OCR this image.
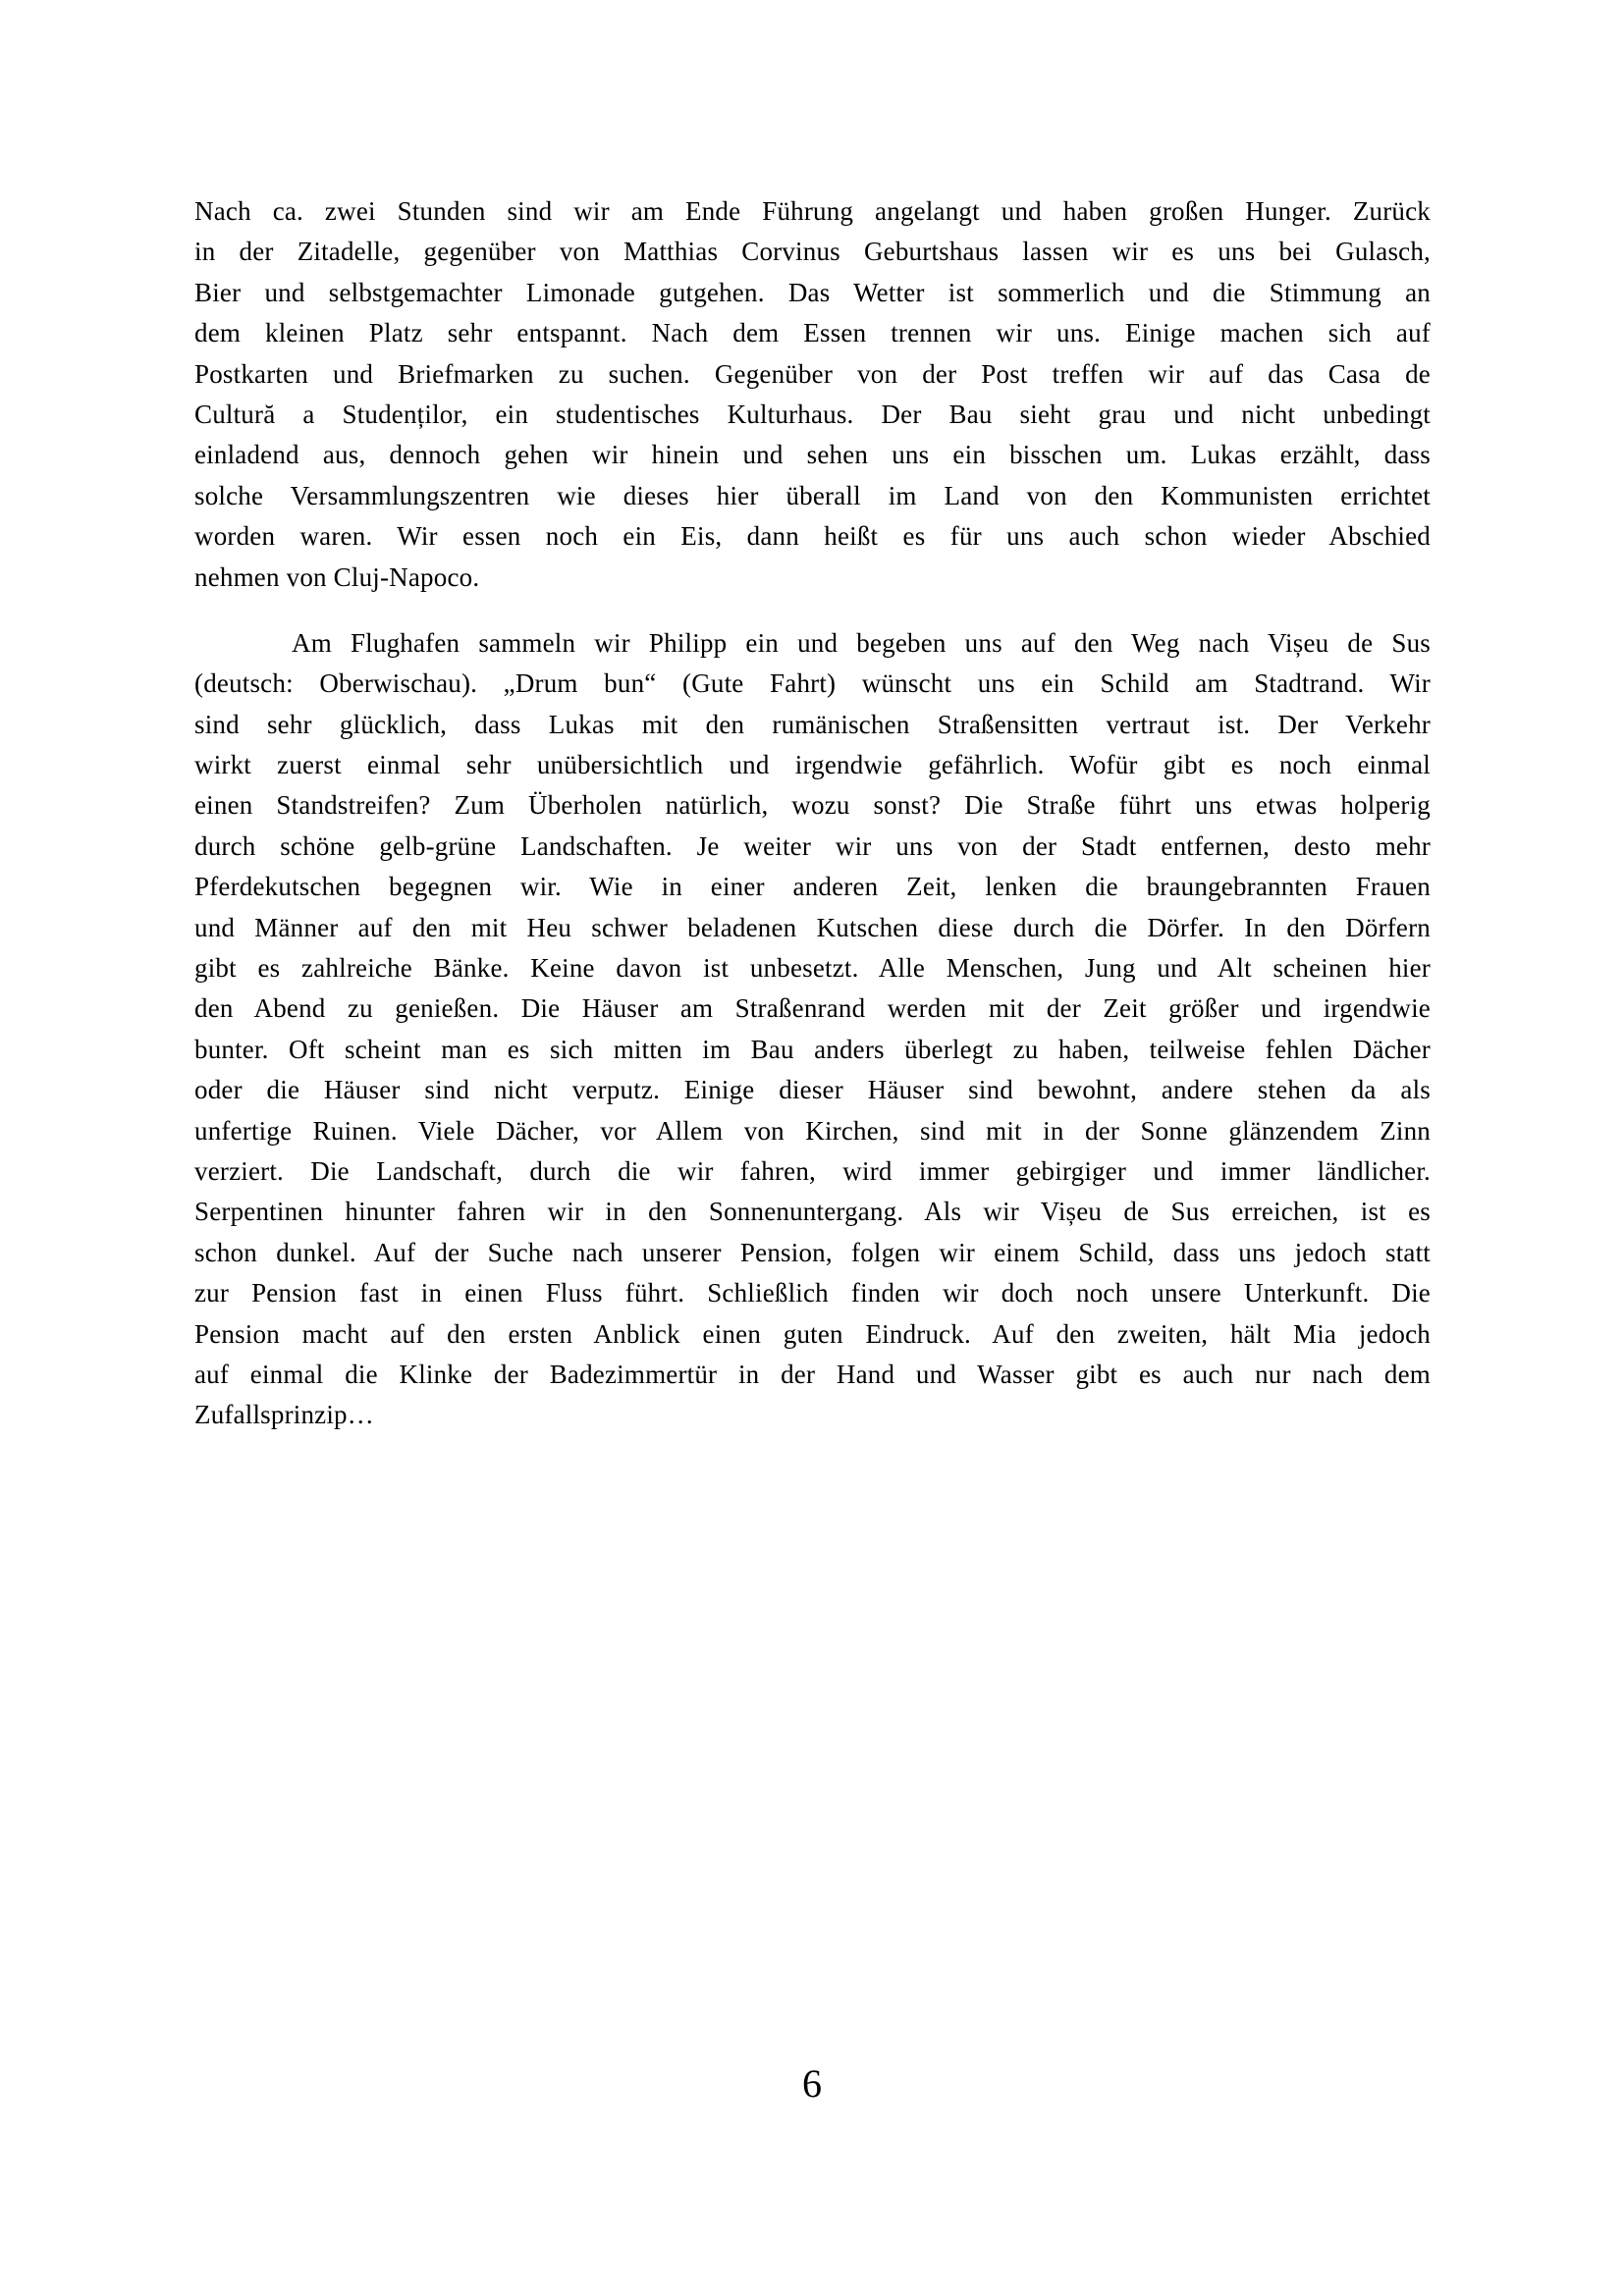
Nach ca. zwei Stunden sind wir am Ende Führung angelangt und haben großen Hunger. Zurück
in der Zitadelle, gegenüber von Matthias Corvinus Geburtshaus lassen wir es uns bei Gulasch,
Bier und selbstgemachter Limonade gutgehen. Das Wetter ist sommerlich und die Stimmung an
dem kleinen Platz sehr entspannt. Nach dem Essen trennen wir uns. Einige machen sich auf
Postkarten und Briefmarken zu suchen. Gegenüber von der Post treffen wir auf das Casa de
Cultură a Studenților, ein studentisches Kulturhaus. Der Bau sieht grau und nicht unbedingt
einladend aus, dennoch gehen wir hinein und sehen uns ein bisschen um. Lukas erzählt, dass
solche Versammlungszentren wie dieses hier überall im Land von den Kommunisten errichtet
worden waren. Wir essen noch ein Eis, dann heißt es für uns auch schon wieder Abschied
nehmen von Cluj-Napoco.
Am Flughafen sammeln wir Philipp ein und begeben uns auf den Weg nach Vișeu de Sus
(deutsch: Oberwischau). „Drum bun“ (Gute Fahrt) wünscht uns ein Schild am Stadtrand. Wir
sind sehr glücklich, dass Lukas mit den rumänischen Straßensitten vertraut ist. Der Verkehr
wirkt zuerst einmal sehr unübersichtlich und irgendwie gefährlich. Wofür gibt es noch einmal
einen Standstreifen? Zum Überholen natürlich, wozu sonst? Die Straße führt uns etwas holperig
durch schöne gelb-grüne Landschaften. Je weiter wir uns von der Stadt entfernen, desto mehr
Pferdekutschen begegnen wir. Wie in einer anderen Zeit, lenken die braungebrannten Frauen
und Männer auf den mit Heu schwer beladenen Kutschen diese durch die Dörfer. In den Dörfern
gibt es zahlreiche Bänke. Keine davon ist unbesetzt. Alle Menschen, Jung und Alt scheinen hier
den Abend zu genießen. Die Häuser am Straßenrand werden mit der Zeit größer und irgendwie
bunter. Oft scheint man es sich mitten im Bau anders überlegt zu haben, teilweise fehlen Dächer
oder die Häuser sind nicht verputz. Einige dieser Häuser sind bewohnt, andere stehen da als
unfertige Ruinen. Viele Dächer, vor Allem von Kirchen, sind mit in der Sonne glänzendem Zinn
verziert. Die Landschaft, durch die wir fahren, wird immer gebirgiger und immer ländlicher.
Serpentinen hinunter fahren wir in den Sonnenuntergang. Als wir Vișeu de Sus erreichen, ist es
schon dunkel. Auf der Suche nach unserer Pension, folgen wir einem Schild, dass uns jedoch statt
zur Pension fast in einen Fluss führt. Schließlich finden wir doch noch unsere Unterkunft. Die
Pension macht auf den ersten Anblick einen guten Eindruck. Auf den zweiten, hält Mia jedoch
auf einmal die Klinke der Badezimmertür in der Hand und Wasser gibt es auch nur nach dem
Zufallsprinzip…
6
